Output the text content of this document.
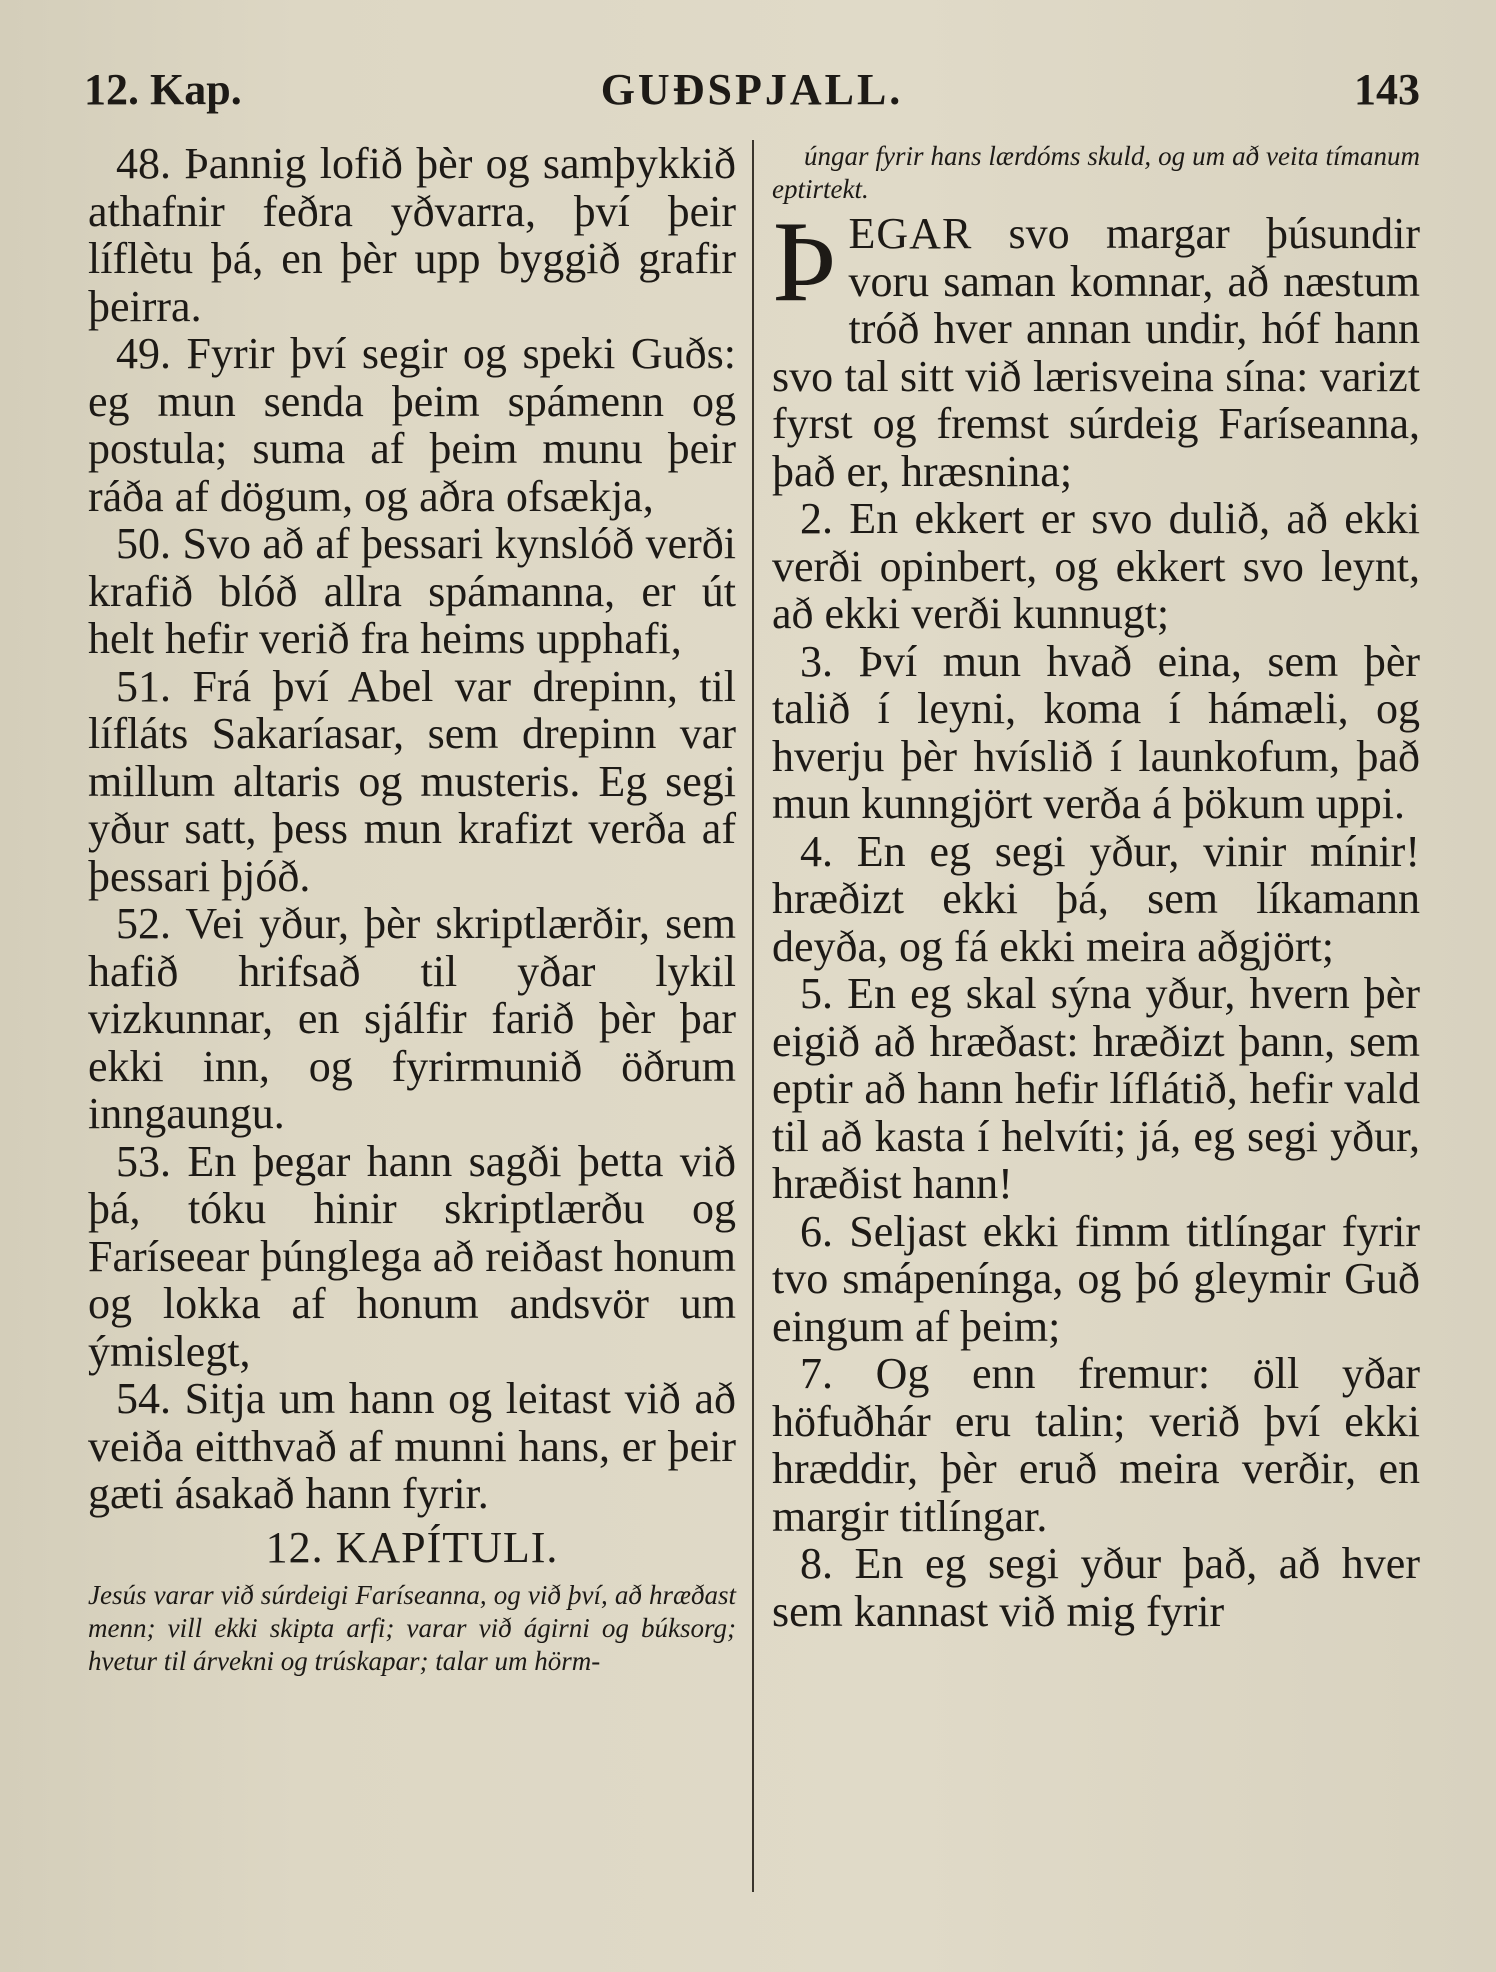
12. Kap.	GUÐSPJALL.	143

48. Þannig lofið þèr og samþykkið athafnir feðra yðvarra, því þeir líflètu þá, en þèr upp byggið grafir þeirra.

49. Fyrir því segir og speki Guðs: eg mun senda þeim spámenn og postula; suma af þeim munu þeir ráða af dögum, og aðra ofsækja,

50. Svo að af þessari kynslóð verði krafið blóð allra spámanna, er út helt hefir verið fra heims upphafi,

51. Frá því Abel var drepinn, til lífláts Sakaríasar, sem drepinn var millum altaris og musteris. Eg segi yður satt, þess mun krafizt verða af þessari þjóð.

52. Vei yður, þèr skriptlærðir, sem hafið hrifsað til yðar lykil vizkunnar, en sjálfir farið þèr þar ekki inn, og fyrirmunið öðrum inngaungu.

53. En þegar hann sagði þetta við þá, tóku hinir skriptlærðu og Faríseear þúnglega að reiðast honum og lokka af honum andsvör um ýmislegt,

54. Sitja um hann og leitast við að veiða eitthvað af munni hans, er þeir gæti ásakað hann fyrir.

12. KAPÍTULI.

Jesús varar við súrdeigi Faríseanna, og við því, að hræðast menn; vill ekki skipta arfi; varar við ágirni og búksorg; hvetur til árvekni og trúskapar; talar um hörm-

úngar fyrir hans lærdóms skuld, og um að veita tímanum eptirtekt.

ÞEGAR svo margar þúsundir voru saman komnar, að næstum tróð hver annan undir, hóf hann svo tal sitt við lærisveina sína: varizt fyrst og fremst súrdeig Faríseanna, það er, hræsnina;

2. En ekkert er svo dulið, að ekki verði opinbert, og ekkert svo leynt, að ekki verði kunnugt;

3. Því mun hvað eina, sem þèr talið í leyni, koma í hámæli, og hverju þèr hvíslið í launkofum, það mun kunngjört verða á þökum uppi.

4. En eg segi yður, vinir mínir! hræðizt ekki þá, sem líkamann deyða, og fá ekki meira aðgjört;

5. En eg skal sýna yður, hvern þèr eigið að hræðast: hræðizt þann, sem eptir að hann hefir líflátið, hefir vald til að kasta í helvíti; já, eg segi yður, hræðist hann!

6. Seljast ekki fimm titlíngar fyrir tvo smápenínga, og þó gleymir Guð eingum af þeim;

7. Og enn fremur: öll yðar höfuðhár eru talin; verið því ekki hræddir, þèr eruð meira verðir, en margir titlíngar.

8. En eg segi yður það, að hver sem kannast við mig fyrir
